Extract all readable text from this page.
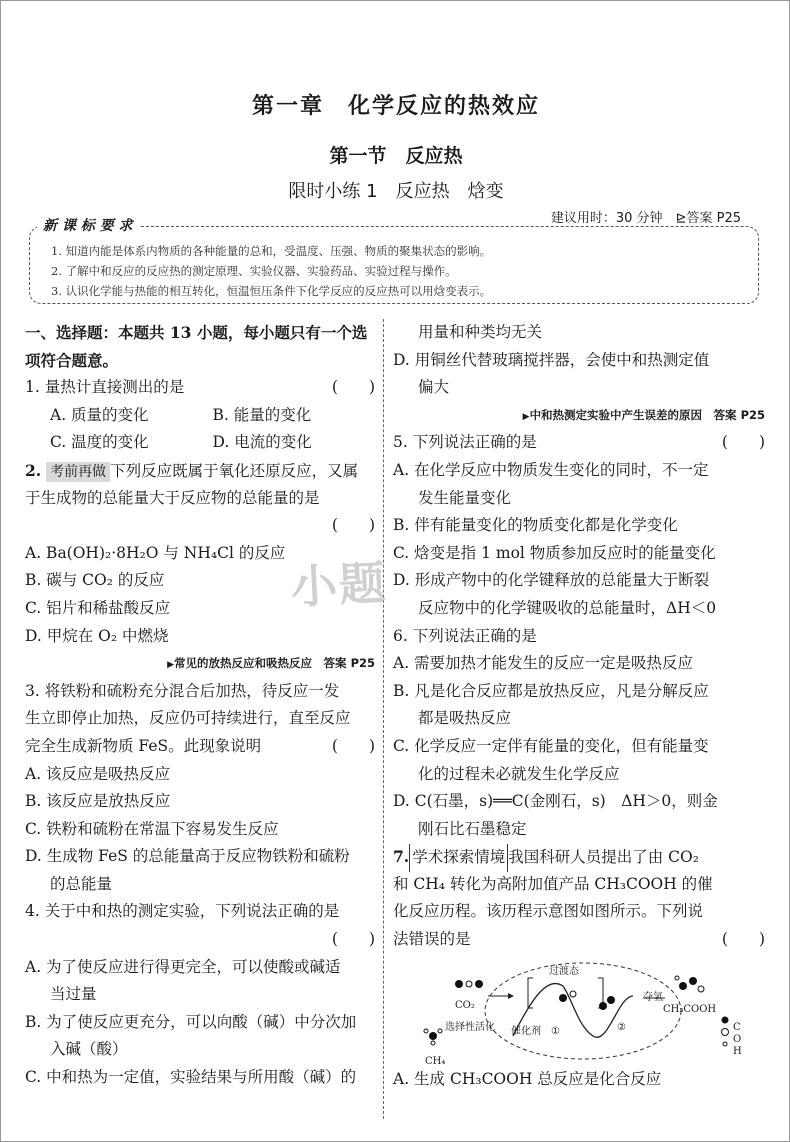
第一章　化学反应的热效应
第一节　反应热
限时小练 1　反应热　焓变
建议用时：30 分钟　 ⊵答案 P25
新 课 标 要 求
1. 知道内能是体系内物质的各种能量的总和，受温度、压强、物质的聚集状态的影响。
2. 了解中和反应的反应热的测定原理、实验仪器、实验药品、实验过程与操作。
3. 认识化学能与热能的相互转化，恒温恒压条件下化学反应的反应热可以用焓变表示。
一、选择题：本题共 13 小题，每小题只有一个选
项符合题意。
1. 量热计直接测出的是	(　　)
A. 质量的变化	B. 能量的变化
C. 温度的变化	D. 电流的变化
2. 考前再做 下列反应既属于氧化还原反应，又属
于生成物的总能量大于反应物的总能量的是
(　　)
A. Ba(OH)₂·8H₂O 与 NH₄Cl 的反应
B. 碳与 CO₂ 的反应
C. 铝片和稀盐酸反应
D. 甲烷在 O₂ 中燃烧
▶常见的放热反应和吸热反应　答案 P25
3. 将铁粉和硫粉充分混合后加热，待反应一发
生立即停止加热，反应仍可持续进行，直至反应
完全生成新物质 FeS。此现象说明	(　　)
A. 该反应是吸热反应
B. 该反应是放热反应
C. 铁粉和硫粉在常温下容易发生反应
D. 生成物 FeS 的总能量高于反应物铁粉和硫粉
的总能量
4. 关于中和热的测定实验，下列说法正确的是
(　　)
A. 为了使反应进行得更完全，可以使酸或碱适
当过量
B. 为了使反应更充分，可以向酸（碱）中分次加
入碱（酸）
C. 中和热为一定值，实验结果与所用酸（碱）的
小题
用量和种类均无关
D. 用铜丝代替玻璃搅拌器，会使中和热测定值
偏大
▶中和热测定实验中产生误差的原因　答案 P25
5. 下列说法正确的是	(　　)
A. 在化学反应中物质发生变化的同时，不一定
发生能量变化
B. 伴有能量变化的物质变化都是化学变化
C. 焓变是指 1 mol 物质参加反应时的能量变化
D. 形成产物中的化学键释放的总能量大于断裂
反应物中的化学键吸收的总能量时，ΔH＜0
6. 下列说法正确的是
A. 需要加热才能发生的反应一定是吸热反应
B. 凡是化合反应都是放热反应，凡是分解反应
都是吸热反应
C. 化学反应一定伴有能量的变化，但有能量变
化的过程未必就发生化学反应
D. C(石墨，s)══C(金刚石，s)　ΔH＞0，则金
刚石比石墨稳定
7. 学术探索情境 我国科研人员提出了由 CO₂
和 CH₄ 转化为高附加值产品 CH₃COOH 的催
化反应历程。该历程示意图如图所示。下列说
法错误的是	(　　)
过渡态
CO₂
CH₄
选择性活化 催化剂 ①	②
夺氢
CH₃COOH
C
O
H
A. 生成 CH₃COOH 总反应是化合反应
